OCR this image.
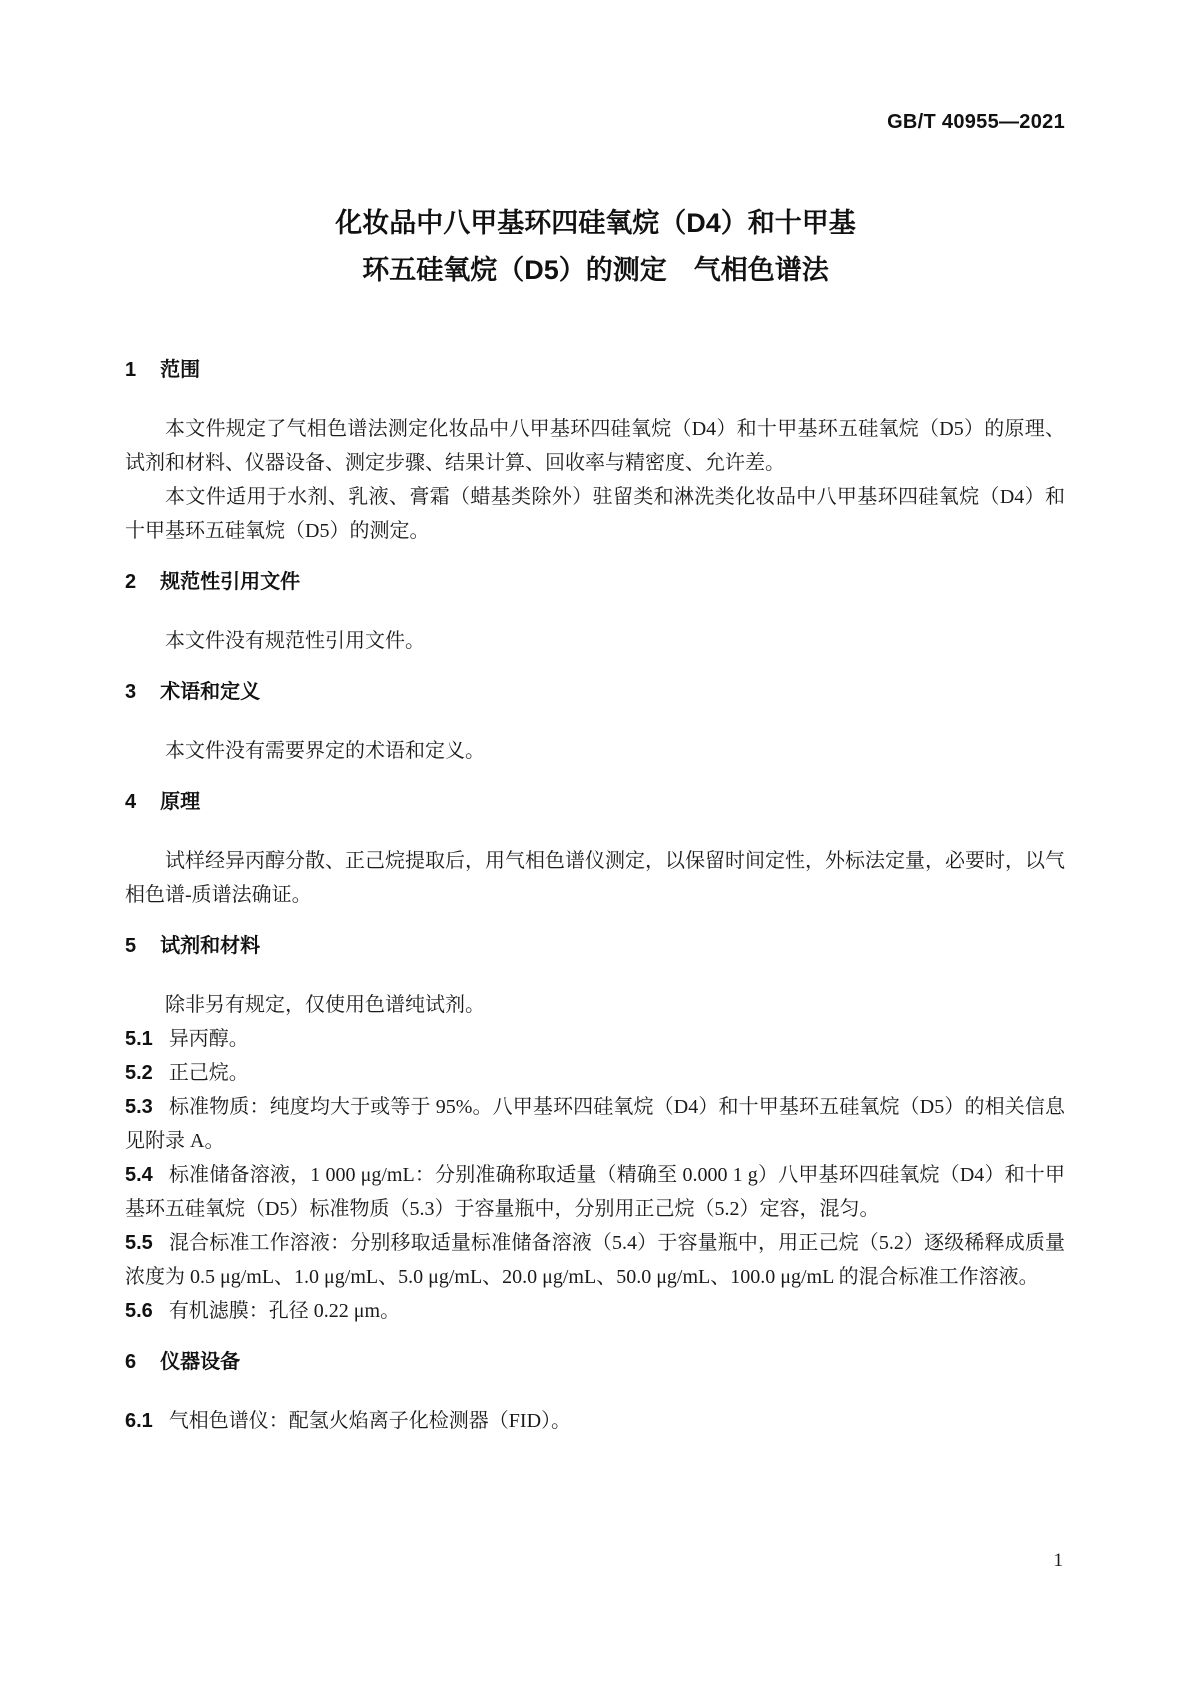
GB/T 40955—2021
化妆品中八甲基环四硅氧烷（D4）和十甲基
环五硅氧烷（D5）的测定　气相色谱法
1 范围

本文件规定了气相色谱法测定化妆品中八甲基环四硅氧烷（D4）和十甲基环五硅氧烷（D5）的原理、试剂和材料、仪器设备、测定步骤、结果计算、回收率与精密度、允许差。

本文件适用于水剂、乳液、膏霜（蜡基类除外）驻留类和淋洗类化妆品中八甲基环四硅氧烷（D4）和十甲基环五硅氧烷（D5）的测定。

2 规范性引用文件

本文件没有规范性引用文件。

3 术语和定义

本文件没有需要界定的术语和定义。

4 原理

试样经异丙醇分散、正己烷提取后，用气相色谱仪测定，以保留时间定性，外标法定量，必要时，以气相色谱-质谱法确证。

5 试剂和材料

除非另有规定，仅使用色谱纯试剂。

5.1 异丙醇。

5.2 正己烷。

5.3 标准物质：纯度均大于或等于 95%。八甲基环四硅氧烷（D4）和十甲基环五硅氧烷（D5）的相关信息见附录 A。

5.4 标准储备溶液，1 000 μg/mL：分别准确称取适量（精确至 0.000 1 g）八甲基环四硅氧烷（D4）和十甲基环五硅氧烷（D5）标准物质（5.3）于容量瓶中，分别用正己烷（5.2）定容，混匀。

5.5 混合标准工作溶液：分别移取适量标准储备溶液（5.4）于容量瓶中，用正己烷（5.2）逐级稀释成质量浓度为 0.5 μg/mL、1.0 μg/mL、5.0 μg/mL、20.0 μg/mL、50.0 μg/mL、100.0 μg/mL 的混合标准工作溶液。

5.6 有机滤膜：孔径 0.22 μm。

6 仪器设备

6.1 气相色谱仪：配氢火焰离子化检测器（FID）。

1
